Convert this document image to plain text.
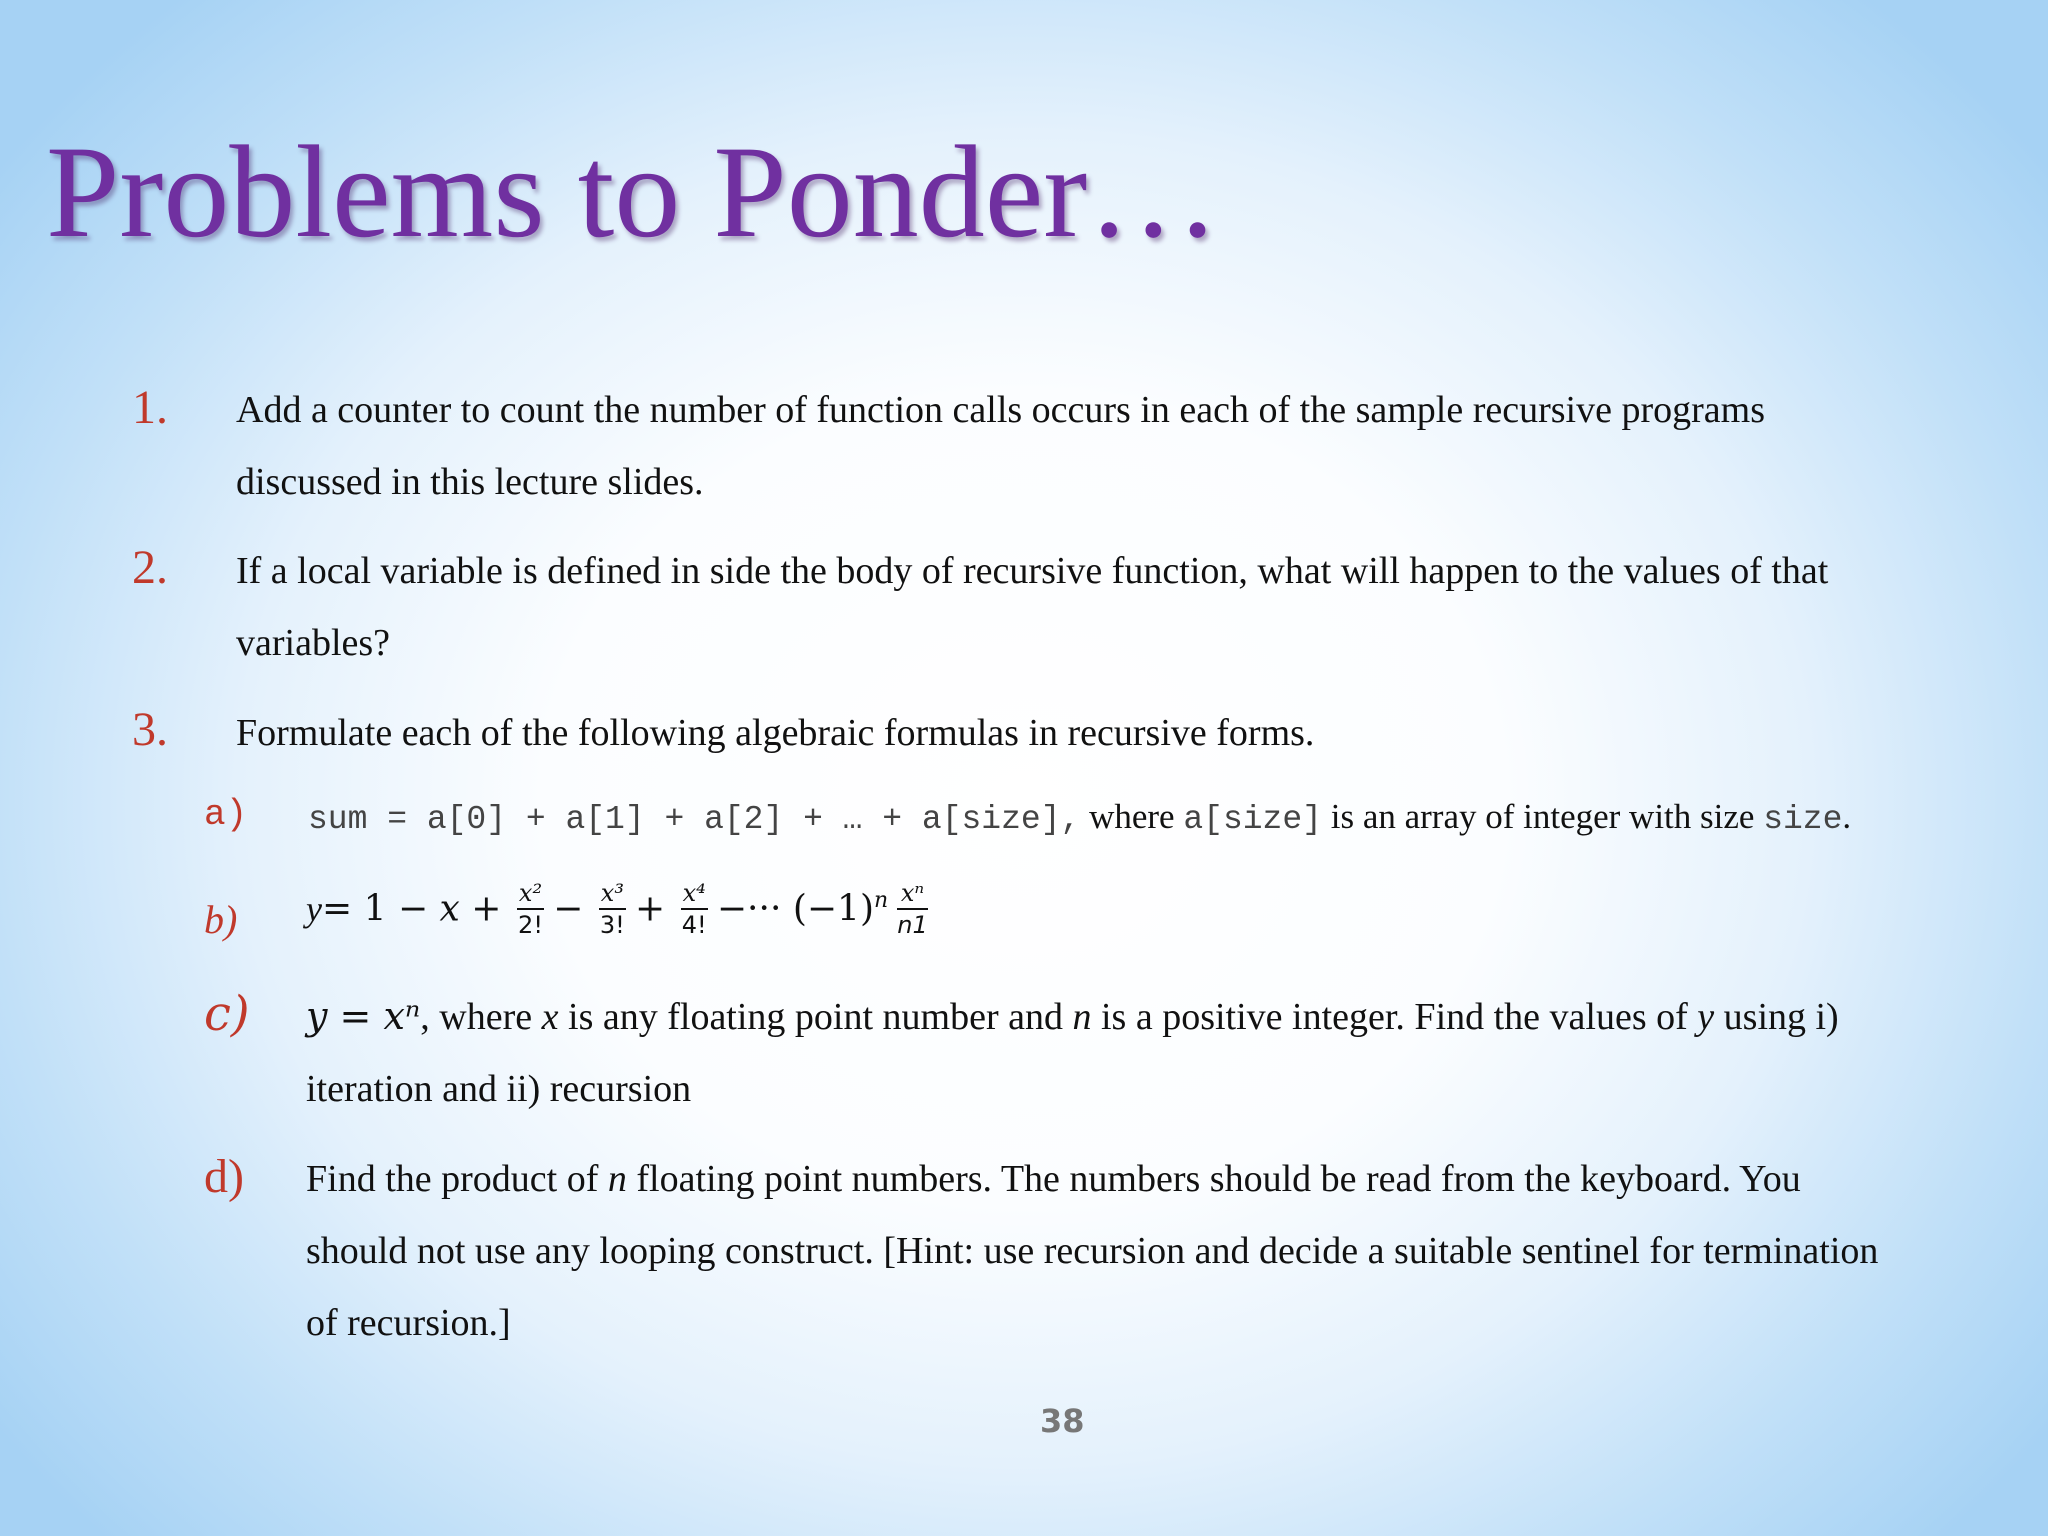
Problems to Ponder…
1. Add a counter to count the number of function calls occurs in each of the sample recursive programs discussed in this lecture slides.

2. If a local variable is defined in side the body of recursive function, what will happen to the values of that variables?

3. Formulate each of the following algebraic formulas in recursive forms.

a) sum = a[0] + a[1] + a[2] + … + a[size], where a[size] is an array of integer with size size.
b) $y= 1 - x + \frac{\text{x²}}{2!} - \frac{\text{x³}}{3!} + \frac{\text{x⁴}}{4!}$ −··· $(-1)n \frac{\text{xⁿ}}{n1}$
c) y = xⁿ, where x is any floating point number and n is a positive integer. Find the values of y using i) iteration and ii) recursion

d) Find the product of n floating point numbers. The numbers should be read from the keyboard. You should not use any looping construct. [Hint: use recursion and decide a suitable sentinel for termination of recursion.]

38
